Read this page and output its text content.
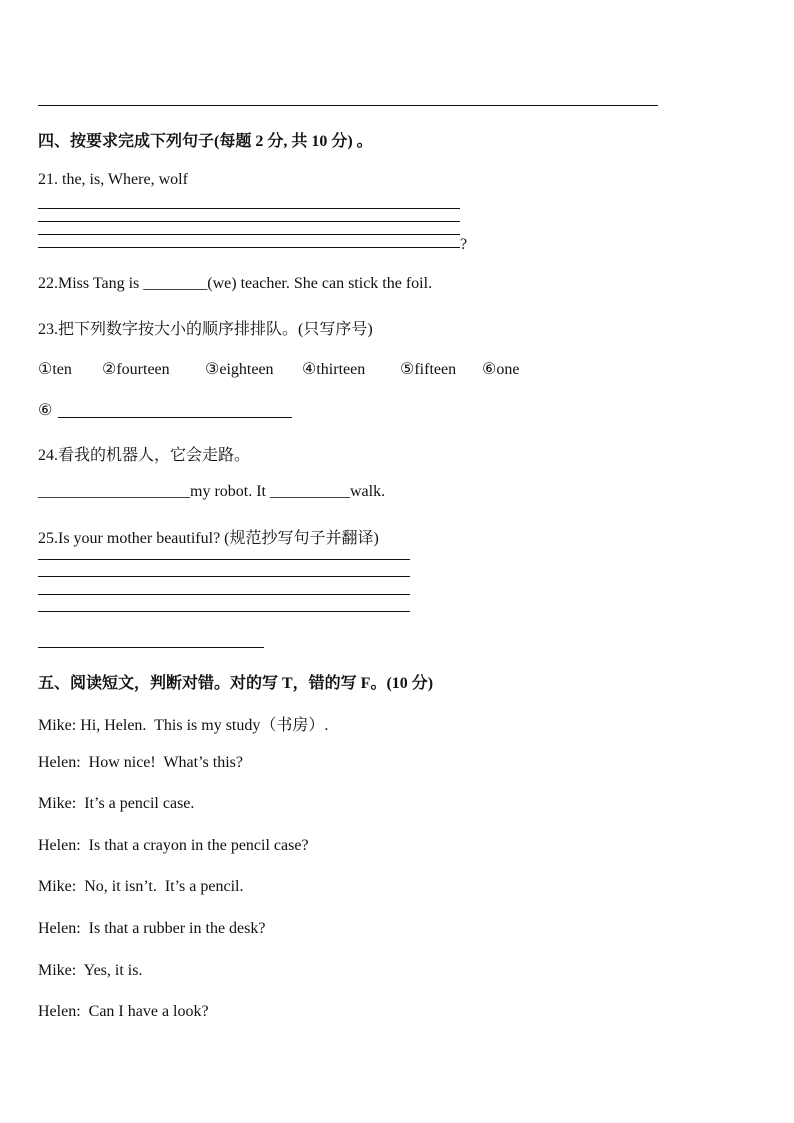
四、按要求完成下列句子(每题 2 分, 共 10 分) 。
21. the, is, Where, wolf
?
22.Miss Tang is ________(we) teacher. She can stick the foil.
23.把下列数字按大小的顺序排排队。(只写序号)
①ten ②fourteen ③eighteen ④thirteen ⑤fifteen ⑥one
⑥
24.看我的机器人，它会走路。
___________________my robot. It __________walk.
25.Is your mother beautiful? (规范抄写句子并翻译)
五、阅读短文，判断对错。对的写 T，错的写 F。(10 分)
Mike: Hi, Helen.  This is my study（书房）.
Helen:  How nice!  What’s this?
Mike:  It’s a pencil case.
Helen:  Is that a crayon in the pencil case?
Mike:  No, it isn’t.  It’s a pencil.
Helen:  Is that a rubber in the desk?
Mike:  Yes, it is.
Helen:  Can I have a look?
